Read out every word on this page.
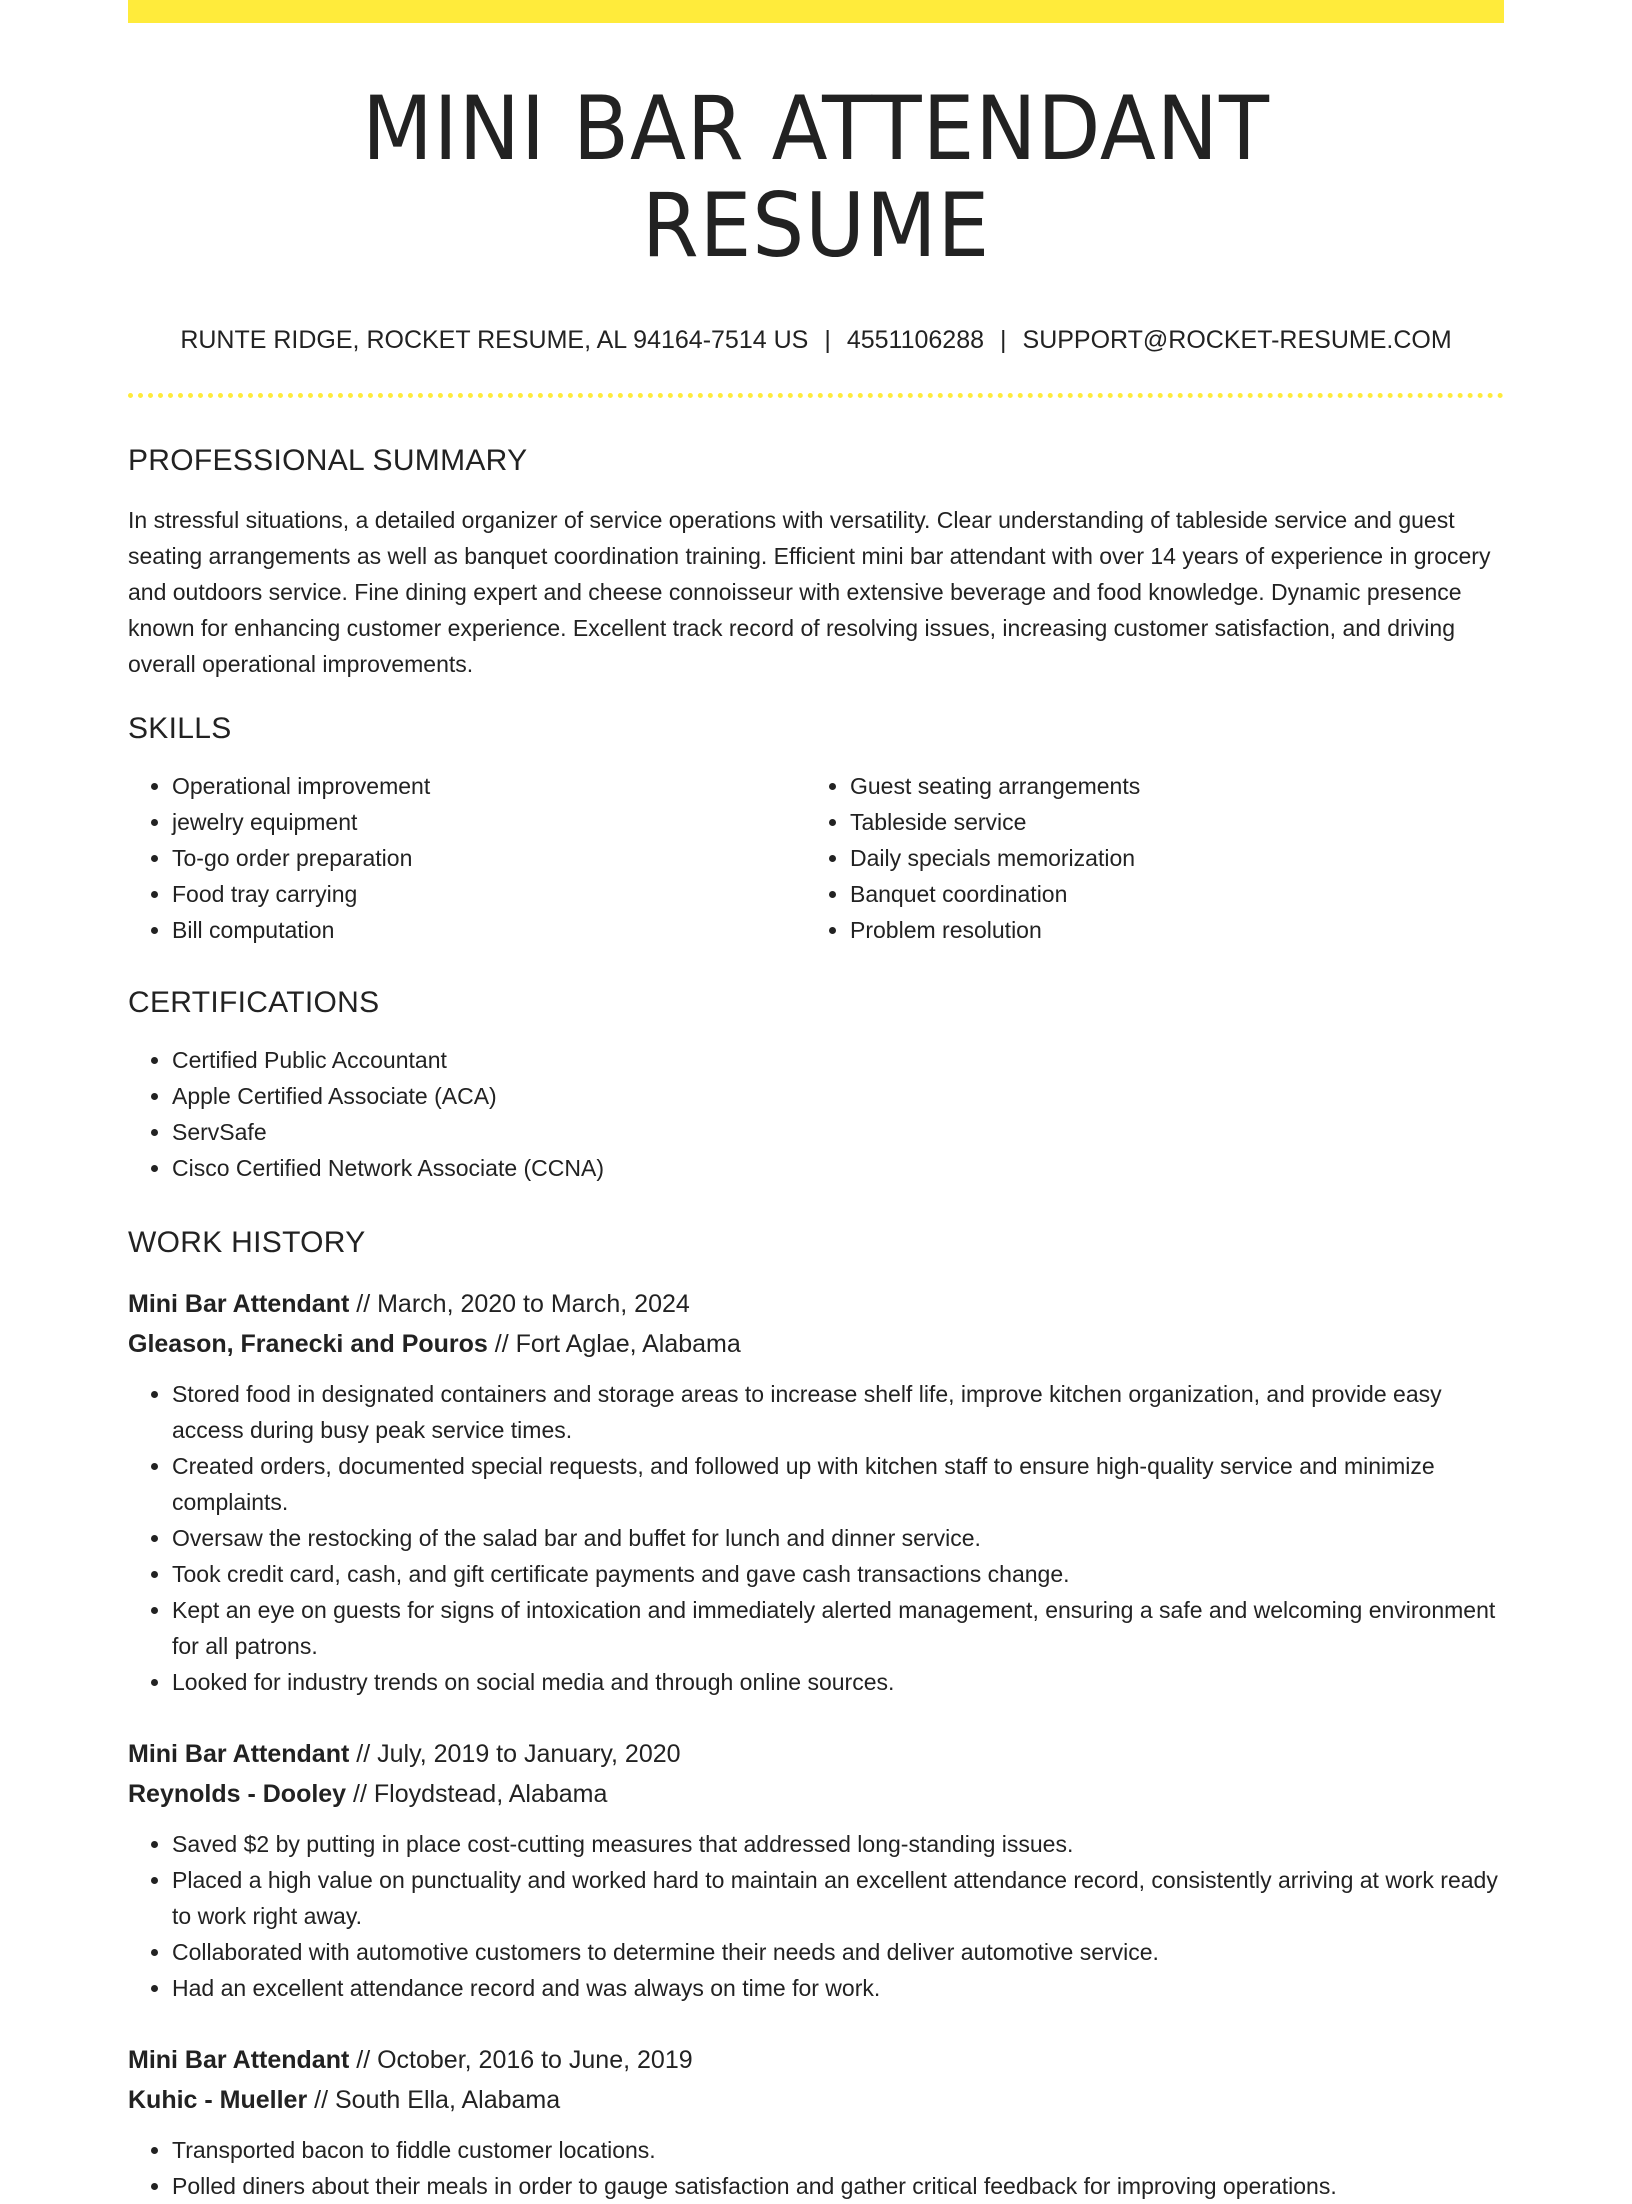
MINI BAR ATTENDANT RESUME
RUNTE RIDGE, ROCKET RESUME, AL 94164-7514 US | 4551106288 | SUPPORT@ROCKET-RESUME.COM
PROFESSIONAL SUMMARY

In stressful situations, a detailed organizer of service operations with versatility. Clear understanding of tableside service and guest seating arrangements as well as banquet coordination training. Efficient mini bar attendant with over 14 years of experience in grocery and outdoors service. Fine dining expert and cheese connoisseur with extensive beverage and food knowledge. Dynamic presence known for enhancing customer experience. Excellent track record of resolving issues, increasing customer satisfaction, and driving overall operational improvements.

SKILLS
• Operational improvement
• jewelry equipment
• To-go order preparation
• Food tray carrying
• Bill computation
• Guest seating arrangements
• Tableside service
• Daily specials memorization
• Banquet coordination
• Problem resolution
CERTIFICATIONS
• Certified Public Accountant
• Apple Certified Associate (ACA)
• ServSafe
• Cisco Certified Network Associate (CCNA)
WORK HISTORY
Mini Bar Attendant // March, 2020 to March, 2024
Gleason, Franecki and Pouros // Fort Aglae, Alabama
• Stored food in designated containers and storage areas to increase shelf life, improve kitchen organization, and provide easy access during busy peak service times.
• Created orders, documented special requests, and followed up with kitchen staff to ensure high-quality service and minimize complaints.
• Oversaw the restocking of the salad bar and buffet for lunch and dinner service.
• Took credit card, cash, and gift certificate payments and gave cash transactions change.
• Kept an eye on guests for signs of intoxication and immediately alerted management, ensuring a safe and welcoming environment for all patrons.
• Looked for industry trends on social media and through online sources.
Mini Bar Attendant // July, 2019 to January, 2020
Reynolds - Dooley // Floydstead, Alabama
• Saved $2 by putting in place cost-cutting measures that addressed long-standing issues.
• Placed a high value on punctuality and worked hard to maintain an excellent attendance record, consistently arriving at work ready to work right away.
• Collaborated with automotive customers to determine their needs and deliver automotive service.
• Had an excellent attendance record and was always on time for work.
Mini Bar Attendant // October, 2016 to June, 2019
Kuhic - Mueller // South Ella, Alabama
• Transported bacon to fiddle customer locations.
• Polled diners about their meals in order to gauge satisfaction and gather critical feedback for improving operations.
